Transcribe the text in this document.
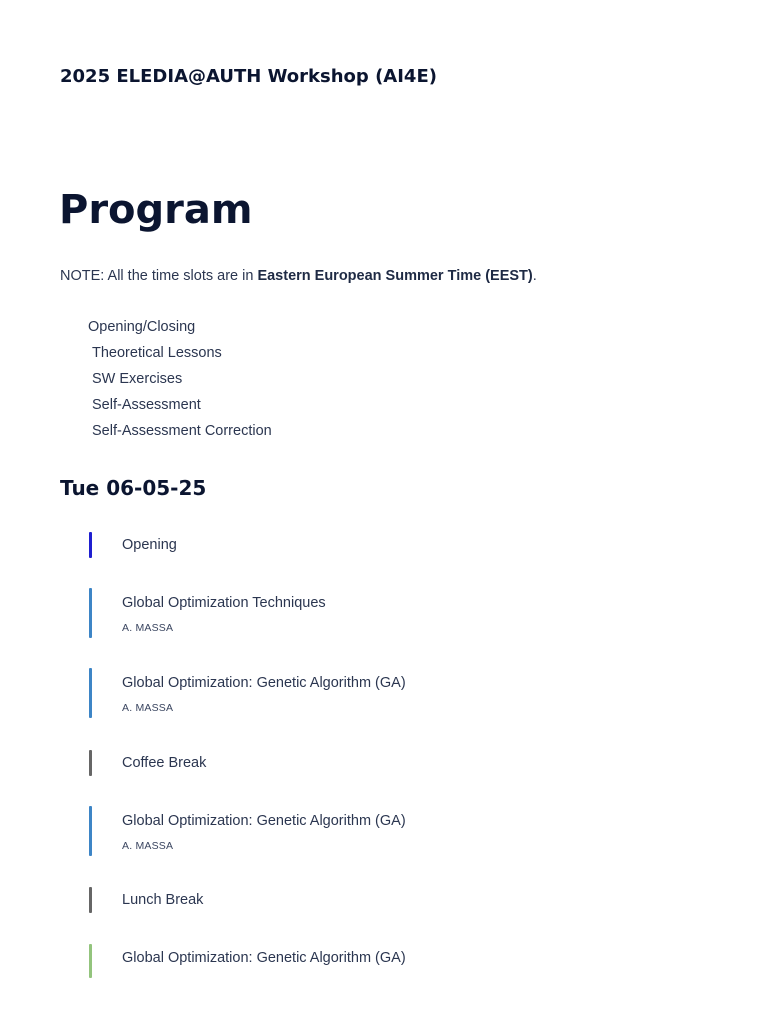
2025 ELEDIA@AUTH Workshop (AI4E)
Program

NOTE: All the time slots are in Eastern European Summer Time (EEST).

Opening/Closing
Theoretical Lessons
SW Exercises
Self-Assessment
Self-Assessment Correction
Tue 06-05-25
Opening
Global Optimization Techniques
A. MASSA
Global Optimization: Genetic Algorithm (GA)
A. MASSA
Coffee Break
Global Optimization: Genetic Algorithm (GA)
A. MASSA
Lunch Break
Global Optimization: Genetic Algorithm (GA)
